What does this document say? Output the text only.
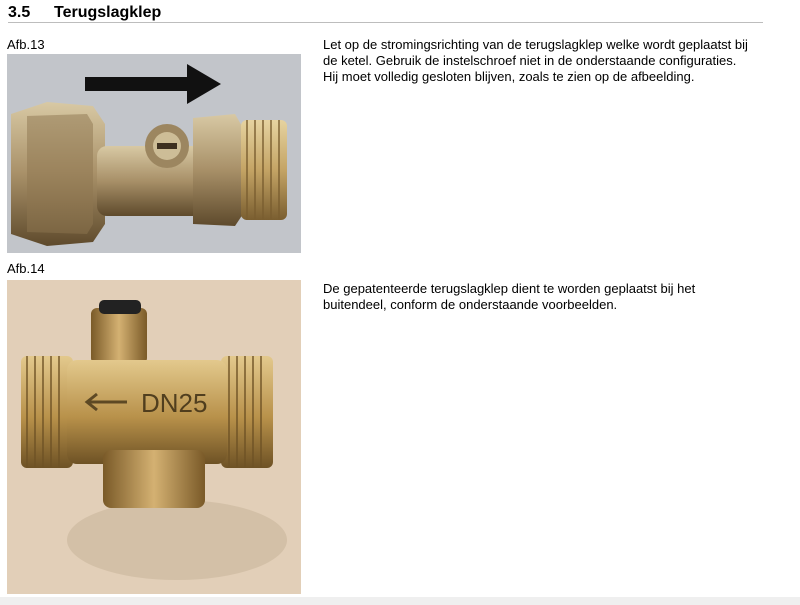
3.5 Terugslagklep
Afb.13	Let op de stromingsrichting van de terugslagklep welke wordt geplaatst bij
de ketel. Gebruik de instelschroef niet in de onderstaande configuraties.
Hij moet volledig gesloten blijven, zoals te zien op de afbeelding.
Afb.14
DN25
De gepatenteerde terugslagklep dient te worden geplaatst bij het
buitendeel, conform de onderstaande voorbeelden.
